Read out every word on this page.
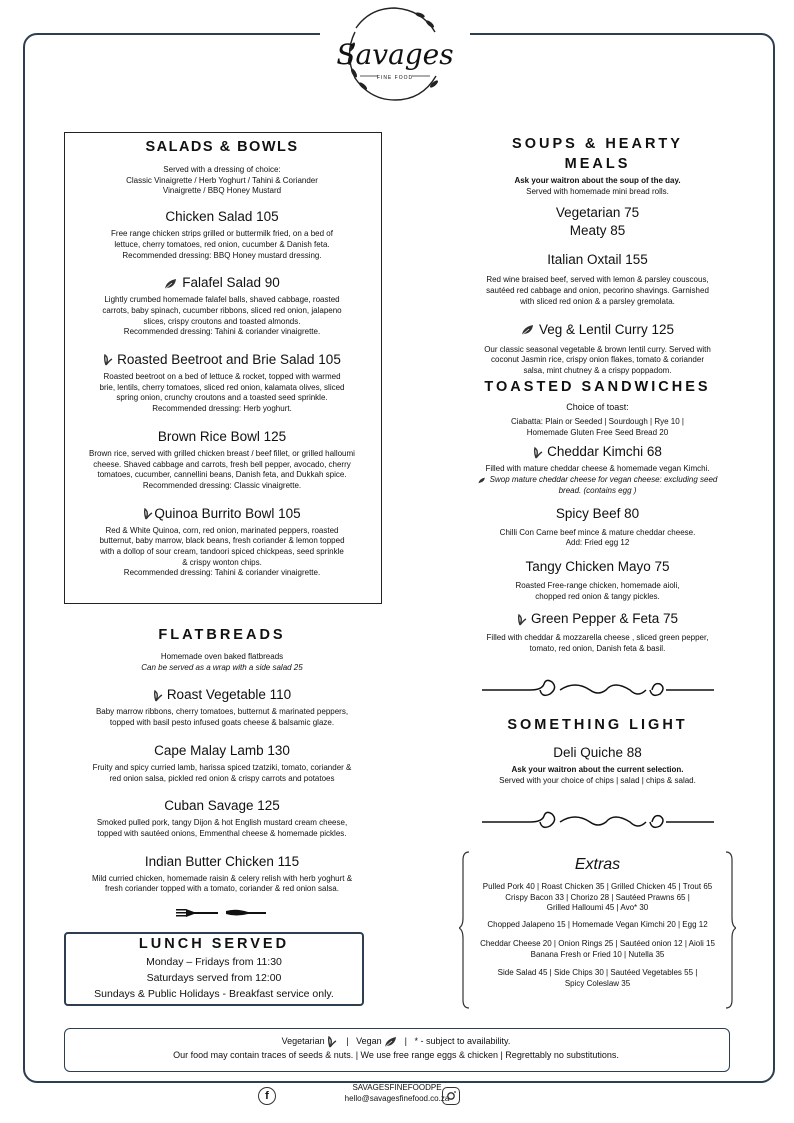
Savages
FINE FOOD
SALADS & BOWLS
Served with a dressing of choice:
Classic Vinaigrette / Herb Yoghurt / Tahini & Coriander
Vinaigrette / BBQ Honey Mustard
Chicken Salad 105
Free range chicken strips grilled or buttermilk fried, on a bed of
lettuce, cherry tomatoes, red onion, cucumber & Danish feta.
Recommended dressing: BBQ Honey mustard dressing.
Falafel Salad 90
Lightly crumbed homemade falafel balls, shaved cabbage, roasted
carrots, baby spinach, cucumber ribbons, sliced red onion, jalapeno
slices, crispy croutons and toasted almonds.
Recommended dressing: Tahini & coriander vinaigrette.
Roasted Beetroot and Brie Salad 105
Roasted beetroot on a bed of lettuce & rocket, topped with warmed
brie, lentils, cherry tomatoes, sliced red onion, kalamata olives, sliced
spring onion, crunchy croutons and a toasted seed sprinkle.
Recommended dressing: Herb yoghurt.
Brown Rice Bowl 125
Brown rice, served with grilled chicken breast / beef fillet, or grilled halloumi
cheese. Shaved cabbage and carrots, fresh bell pepper, avocado, cherry
tomatoes, cucumber, cannellini beans, Danish feta, and Dukkah spice.
Recommended dressing: Classic vinaigrette.
Quinoa Burrito Bowl 105
Red & White Quinoa, corn, red onion, marinated peppers, roasted
butternut, baby marrow, black beans, fresh coriander & lemon topped
with a dollop of sour cream, tandoori spiced chickpeas, seed sprinkle
& crispy wonton chips.
Recommended dressing: Tahini & coriander vinaigrette.
FLATBREADS
Homemade oven baked flatbreads
Can be served as a wrap with a side salad 25
Roast Vegetable 110
Baby marrow ribbons, cherry tomatoes, butternut & marinated peppers,
topped with basil pesto infused goats cheese & balsamic glaze.
Cape Malay Lamb 130
Fruity and spicy curried lamb, harissa spiced tzatziki, tomato, coriander &
red onion salsa, pickled red onion & crispy carrots and potatoes
Cuban Savage 125
Smoked pulled pork, tangy Dijon & hot English mustard cream cheese,
topped with sautéed onions, Emmenthal cheese & homemade pickles.
Indian Butter Chicken 115
Mild curried chicken, homemade raisin & celery relish with herb yoghurt &
fresh coriander topped with a tomato, coriander & red onion salsa.
LUNCH SERVED
Monday – Fridays from 11:30
Saturdays served from 12:00
Sundays & Public Holidays - Breakfast service only.
SOUPS & HEARTY
MEALS
Ask your waitron about the soup of the day.
Served with homemade mini bread rolls.
Vegetarian 75
Meaty 85
Italian Oxtail 155
Red wine braised beef, served with lemon & parsley couscous,
sautéed red cabbage and onion, pecorino shavings. Garnished
with sliced red onion & a parsley gremolata.
Veg & Lentil Curry 125
Our classic seasonal vegetable & brown lentil curry. Served with
coconut Jasmin rice, crispy onion flakes, tomato & coriander
salsa, mint chutney & a crispy poppadom.
TOASTED SANDWICHES
Choice of toast:
Ciabatta: Plain or Seeded | Sourdough | Rye 10 |
Homemade Gluten Free Seed Bread 20
Cheddar Kimchi 68
Filled with mature cheddar cheese & homemade vegan Kimchi.
Swop mature cheddar cheese for vegan cheese: excluding seed
bread. (contains egg )
Spicy Beef 80
Chilli Con Carne beef mince & mature cheddar cheese.
Add: Fried egg 12
Tangy Chicken Mayo 75
Roasted Free-range chicken, homemade aioli,
chopped red onion & tangy pickles.
Green Pepper & Feta 75
Filled with cheddar & mozzarella cheese , sliced green pepper,
tomato, red onion, Danish feta & basil.
SOMETHING LIGHT
Deli Quiche 88
Ask your waitron about the current selection.
Served with your choice of chips | salad | chips & salad.
Extras
Pulled Pork 40 | Roast Chicken 35 | Grilled Chicken 45 | Trout 65
Crispy Bacon 33 | Chorizo 28 | Sautéed Prawns 65 |
Grilled Halloumi 45 | Avo* 30
Chopped Jalapeno 15 | Homemade Vegan Kimchi 20 | Egg 12
Cheddar Cheese 20 | Onion Rings 25 | Sautéed onion 12 | Aioli 15
Banana Fresh or Fried 10 | Nutella 35
Side Salad 45 | Side Chips 30 | Sautéed Vegetables 55 |
Spicy Coleslaw 35
Vegetarian   |   Vegan  |   * - subject to availability.
Our food may contain traces of seeds & nuts. | We use free range eggs & chicken | Regrettably no substitutions.
f
SAVAGESFINEFOODPE
hello@savagesfinefood.co.za
